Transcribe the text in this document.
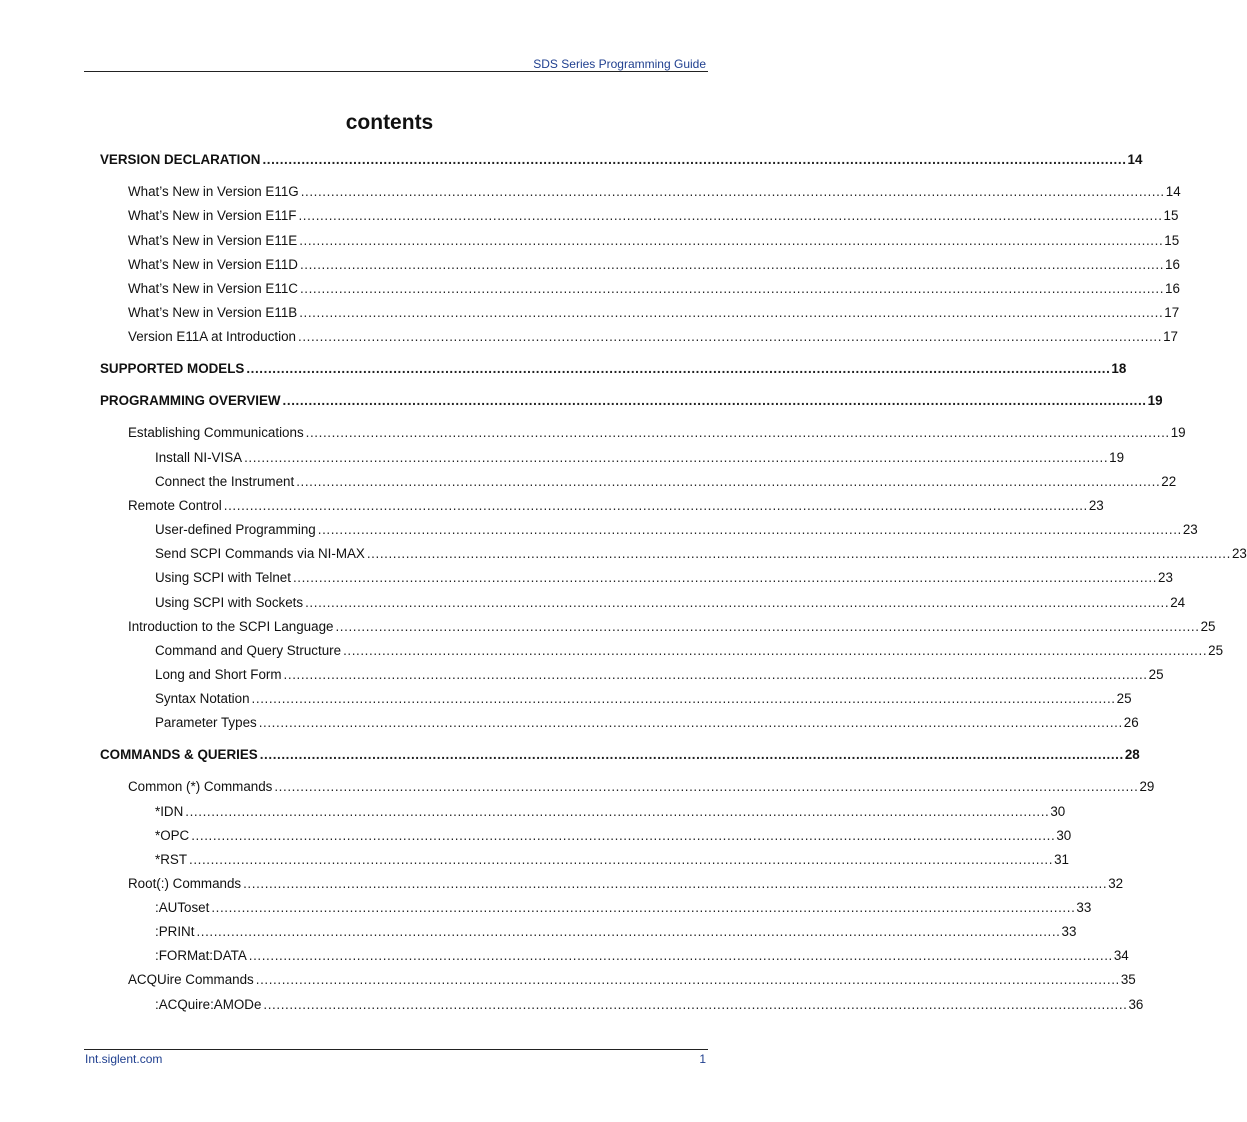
SDS Series Programming Guide
contents
VERSION DECLARATION ........................................................................................................................................................................................................ 14
What’s New in Version E11G ........................................................................................................................................................................................................ 14
What’s New in Version E11F ........................................................................................................................................................................................................ 15
What’s New in Version E11E ........................................................................................................................................................................................................ 15
What’s New in Version E11D ........................................................................................................................................................................................................ 16
What’s New in Version E11C ........................................................................................................................................................................................................ 16
What’s New in Version E11B ........................................................................................................................................................................................................ 17
Version E11A at Introduction ........................................................................................................................................................................................................ 17
SUPPORTED MODELS ........................................................................................................................................................................................................ 18
PROGRAMMING OVERVIEW ........................................................................................................................................................................................................ 19
Establishing Communications ........................................................................................................................................................................................................ 19
Install NI-VISA ........................................................................................................................................................................................................ 19
Connect the Instrument ........................................................................................................................................................................................................ 22
Remote Control ........................................................................................................................................................................................................ 23
User-defined Programming ........................................................................................................................................................................................................ 23
Send SCPI Commands via NI-MAX ........................................................................................................................................................................................................ 23
Using SCPI with Telnet ........................................................................................................................................................................................................ 23
Using SCPI with Sockets ........................................................................................................................................................................................................ 24
Introduction to the SCPI Language ........................................................................................................................................................................................................ 25
Command and Query Structure ........................................................................................................................................................................................................ 25
Long and Short Form ........................................................................................................................................................................................................ 25
Syntax Notation ........................................................................................................................................................................................................ 25
Parameter Types ........................................................................................................................................................................................................ 26
COMMANDS & QUERIES ........................................................................................................................................................................................................ 28
Common (*) Commands ........................................................................................................................................................................................................ 29
*IDN ........................................................................................................................................................................................................ 30
*OPC ........................................................................................................................................................................................................ 30
*RST ........................................................................................................................................................................................................ 31
Root(:) Commands ........................................................................................................................................................................................................ 32
:AUToset ........................................................................................................................................................................................................ 33
:PRINt ........................................................................................................................................................................................................ 33
:FORMat:DATA ........................................................................................................................................................................................................ 34
ACQUire Commands ........................................................................................................................................................................................................ 35
:ACQuire:AMODe ........................................................................................................................................................................................................ 36
Int.siglent.com	1
